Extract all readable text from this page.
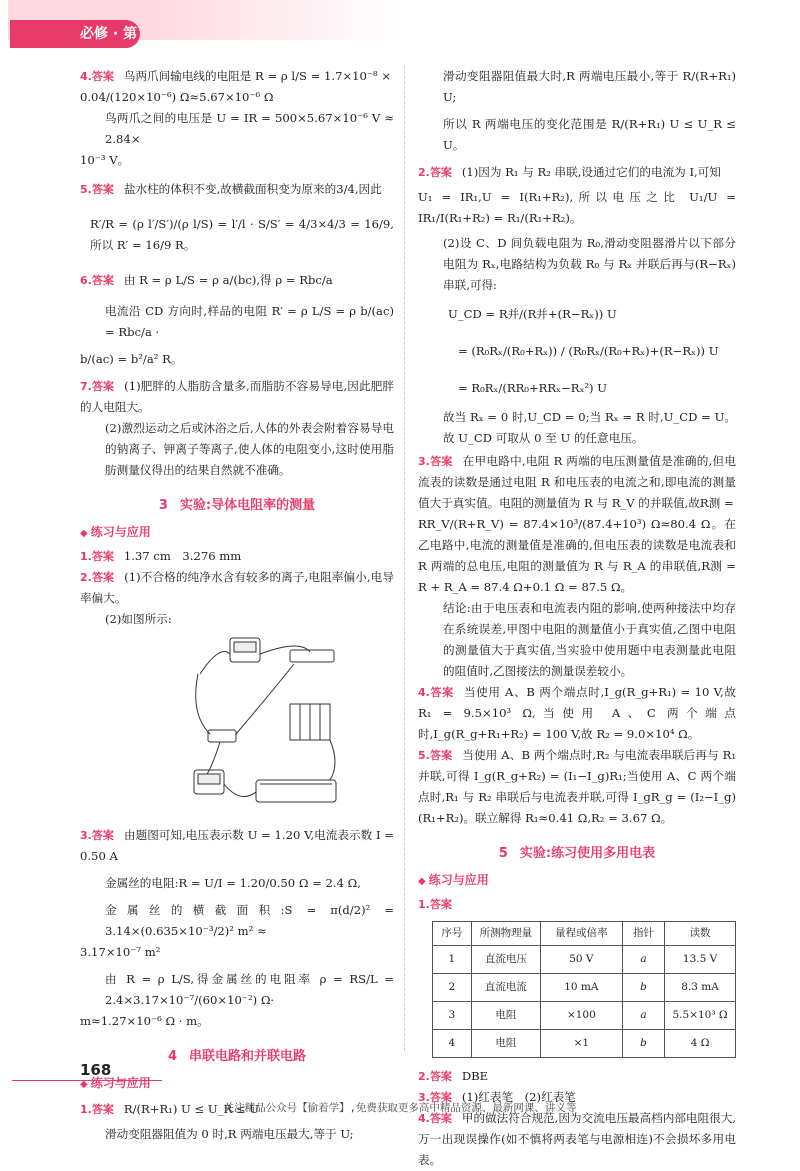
必修 · 第三册

4.答案 鸟两爪间输电线的电阻是 R = ρ l/S = 1.7×10⁻⁸ ×

0.04/(120×10⁻⁶) Ω≈5.67×10⁻⁶ Ω

鸟两爪之间的电压是 U = IR = 500×5.67×10⁻⁶ V ≈ 2.84×

10⁻³ V。

5.答案 盐水柱的体积不变,故横截面积变为原来的3/4,因此

R′/R = (ρ l′/S′)/(ρ l/S) = l′/l · S/S′ = 4/3×4/3 = 16/9,所以 R′ = 16/9 R。

6.答案 由 R = ρ L/S = ρ a/(bc),得 ρ = Rbc/a

电流沿 CD 方向时,样品的电阻 R′ = ρ L/S = ρ b/(ac) = Rbc/a ·

b/(ac) = b²/a² R。

7.答案 (1)肥胖的人脂肪含量多,而脂肪不容易导电,因此肥胖的人电阻大。

(2)激烈运动之后或沐浴之后,人体的外表会附着容易导电的钠离子、钾离子等离子,使人体的电阻变小,这时使用脂肪测量仪得出的结果自然就不准确。

3 实验:导体电阻率的测量
◆ 练习与应用

1.答案 1.37 cm　3.276 mm

2.答案 (1)不合格的纯净水含有较多的离子,电阻率偏小,电导率偏大。

(2)如图所示:

3.答案 由题图可知,电压表示数 U = 1.20 V,电流表示数 I = 0.50 A

金属丝的电阻:R = U/I = 1.20/0.50 Ω = 2.4 Ω,

金属丝的横截面积:S = π(d/2)² = 3.14×(0.635×10⁻³/2)² m² ≈

3.17×10⁻⁷ m²

由 R = ρ L/S,得金属丝的电阻率 ρ = RS/L = 2.4×3.17×10⁻⁷/(60×10⁻²) Ω·

m≈1.27×10⁻⁶ Ω · m。

4 串联电路和并联电路
◆ 练习与应用

1.答案 R/(R+R₁) U ≤ U_R ≤ U

滑动变阻器阻值为 0 时,R 两端电压最大,等于 U;

滑动变阻器阻值最大时,R 两端电压最小,等于 R/(R+R₁) U;

所以 R 两端电压的变化范围是 R/(R+R₁) U ≤ U_R ≤ U。

2.答案 (1)因为 R₁ 与 R₂ 串联,设通过它们的电流为 I,可知

U₁ = IR₁,U = I(R₁+R₂),所以电压之比 U₁/U = IR₁/I(R₁+R₂) = R₁/(R₁+R₂)。

(2)设 C、D 间负载电阻为 R₀,滑动变阻器滑片以下部分电阻为 Rₓ,电路结构为负载 R₀ 与 Rₓ 并联后再与(R−Rₓ)串联,可得:

U_CD = R并/(R并+(R−Rₓ)) U

= (R₀Rₓ/(R₀+Rₓ)) / (R₀Rₓ/(R₀+Rₓ)+(R−Rₓ)) U

= R₀Rₓ/(RR₀+RRₓ−Rₓ²) U

故当 Rₓ = 0 时,U_CD = 0;当 Rₓ = R 时,U_CD = U。故 U_CD 可取从 0 至 U 的任意电压。

3.答案 在甲电路中,电阻 R 两端的电压测量值是准确的,但电流表的读数是通过电阻 R 和电压表的电流之和,即电流的测量值大于真实值。电阻的测量值为 R 与 R_V 的并联值,故R测 =

RR_V/(R+R_V) = 87.4×10³/(87.4+10³) Ω≈80.4 Ω。在乙电路中,电流的测量值是准确的,但电压表的读数是电流表和 R 两端的总电压,电阻的测量值为 R 与 R_A 的串联值,R测 = R + R_A = 87.4 Ω+0.1 Ω = 87.5 Ω。

结论:由于电压表和电流表内阻的影响,使两种接法中均存在系统误差,甲图中电阻的测量值小于真实值,乙图中电阻的测量值大于真实值,当实验中使用题中电表测量此电阻的阻值时,乙图接法的测量误差较小。

4.答案 当使用 A、B 两个端点时,I_g(R_g+R₁) = 10 V,故 R₁ = 9.5×10³ Ω,当使用 A、C 两个端点时,I_g(R_g+R₁+R₂) = 100 V,故 R₂ = 9.0×10⁴ Ω。

5.答案 当使用 A、B 两个端点时,R₂ 与电流表串联后再与 R₁ 并联,可得 I_g(R_g+R₂) = (I₁−I_g)R₁;当使用 A、C 两个端点时,R₁ 与 R₂ 串联后与电流表并联,可得 I_gR_g = (I₂−I_g)(R₁+R₂)。联立解得 R₁≈0.41 Ω,R₂ = 3.67 Ω。

5 实验:练习使用多用电表
◆ 练习与应用

1.答案

序号	所测物理量	量程或倍率	指针	读数
1	直流电压	50 V	a	13.5 V
2	直流电流	10 mA	b	8.3 mA
3	电阻	×100	a	5.5×10³ Ω
4	电阻	×1	b	4 Ω

2.答案 DBE

3.答案 (1)红表笔　(2)红表笔

4.答案 甲的做法符合规范,因为交流电压最高档内部电阻很大,万一出现误操作(如不慎将两表笔与电源相连)不会损坏多用电表。

168
关注精品公众号【偷着学】,免费获取更多高中精品资源、最新网课、讲义等
